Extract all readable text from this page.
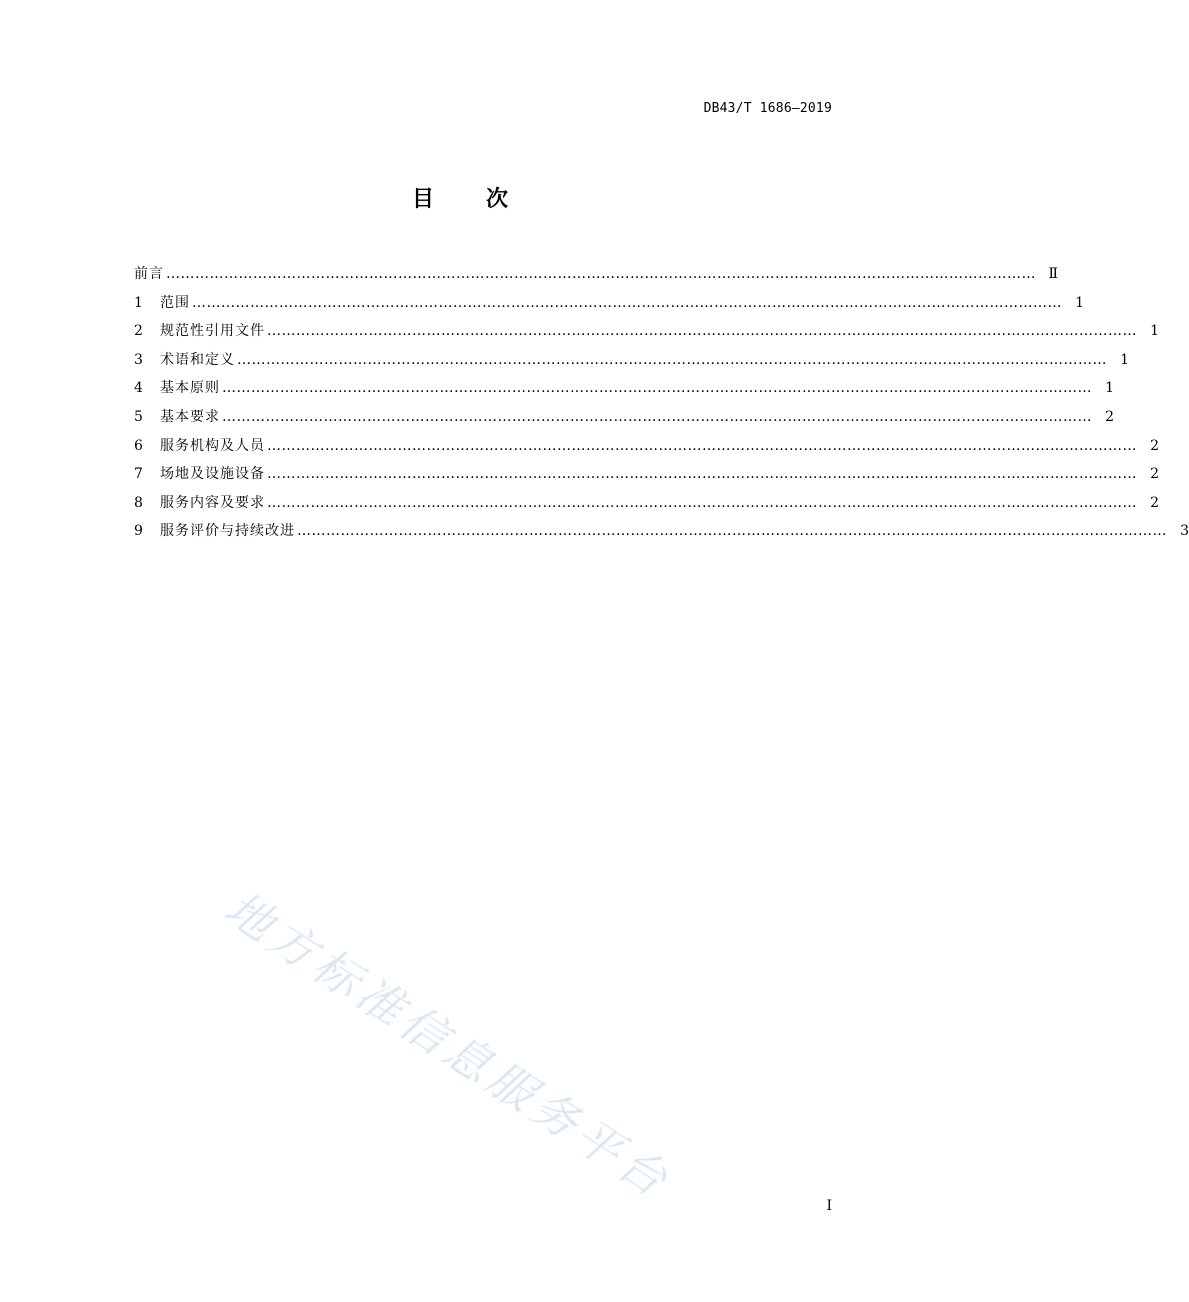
DB43/T 1686—2019
目 次
前言 ……………………………………………………………………………………………………………………………………………………………… Ⅱ
1	范围 ……………………………………………………………………………………………………………………………………………………………… 1
2	规范性引用文件 ……………………………………………………………………………………………………………………………………………………………… 1
3	术语和定义 ……………………………………………………………………………………………………………………………………………………………… 1
4	基本原则 ……………………………………………………………………………………………………………………………………………………………… 1
5	基本要求 ……………………………………………………………………………………………………………………………………………………………… 2
6	服务机构及人员 ……………………………………………………………………………………………………………………………………………………………… 2
7	场地及设施设备 ……………………………………………………………………………………………………………………………………………………………… 2
8	服务内容及要求 ……………………………………………………………………………………………………………………………………………………………… 2
9	服务评价与持续改进 ……………………………………………………………………………………………………………………………………………………………… 3
地方标准信息服务平台	I
